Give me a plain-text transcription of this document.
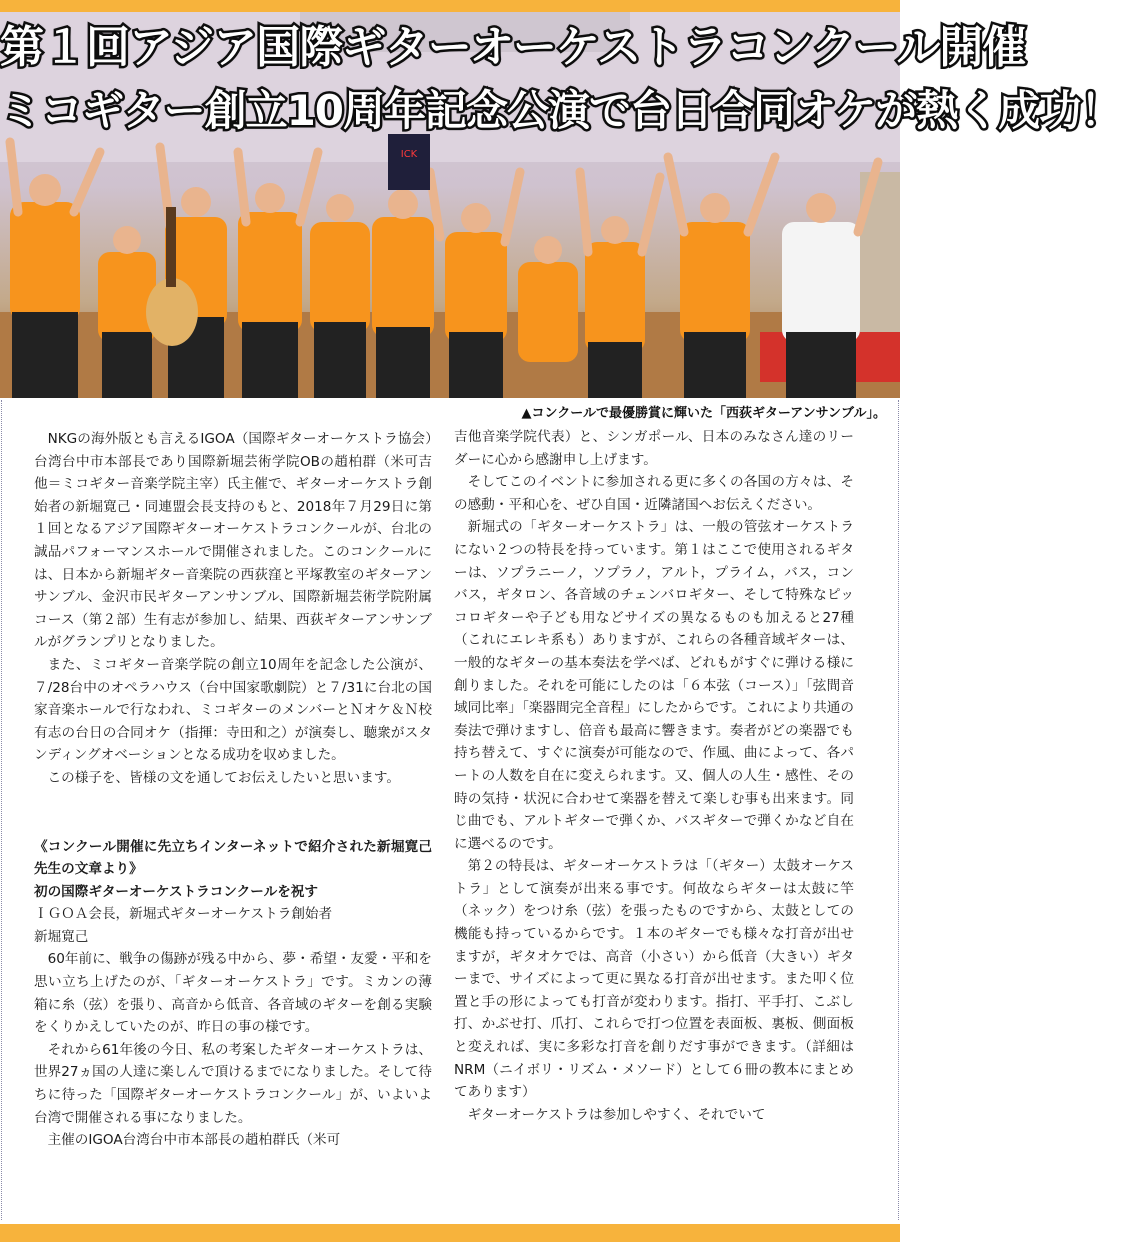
ICK
第１回アジア国際ギターオーケストラコンクール開催
ミコギター創立10周年記念公演で台日合同オケが熱く成功！
▲コンクールで最優勝賞に輝いた「西荻ギターアンサンブル」。

NKGの海外版とも言えるIGOA（国際ギターオーケストラ協会）台湾台中市本部長であり国際新堀芸術学院OBの趙柏群（米可吉他＝ミコギター音楽学院主宰）氏主催で、ギターオーケストラ創始者の新堀寛己・同連盟会長支持のもと、2018年７月29日に第１回となるアジア国際ギターオーケストラコンクールが、台北の誠品パフォーマンスホールで開催されました。このコンクールには、日本から新堀ギター音楽院の西荻窪と平塚教室のギターアンサンブル、金沢市民ギターアンサンブル、国際新堀芸術学院附属コース（第２部）生有志が参加し、結果、西荻ギターアンサンブルがグランプリとなりました。

また、ミコギター音楽学院の創立10周年を記念した公演が、７/28台中のオペラハウス（台中国家歌劇院）と７/31に台北の国家音楽ホールで行なわれ、ミコギターのメンバーとＮオケ＆Ｎ校有志の台日の合同オケ（指揮：寺田和之）が演奏し、聴衆がスタンディングオベーションとなる成功を収めました。

この様子を、皆様の文を通してお伝えしたいと思います。

《コンクール開催に先立ちインターネットで紹介された新堀寛己先生の文章より》

初の国際ギターオーケストラコンクールを祝す

ＩＧＯＡ会長，新堀式ギターオーケストラ創始者

新堀寛己

60年前に、戦争の傷跡が残る中から、夢・希望・友愛・平和を思い立ち上げたのが、「ギターオーケストラ」です。ミカンの薄箱に糸（弦）を張り、高音から低音、各音域のギターを創る実験をくりかえしていたのが、昨日の事の様です。

それから61年後の今日、私の考案したギターオーケストラは、世界27ヵ国の人達に楽しんで頂けるまでになりました。そして待ちに待った「国際ギターオーケストラコンクール」が、いよいよ台湾で開催される事になりました。

主催のIGOA台湾台中市本部長の趙柏群氏（米可

吉他音楽学院代表）と、シンガポール、日本のみなさん達のリーダーに心から感謝申し上げます。

そしてこのイベントに参加される更に多くの各国の方々は、その感動・平和心を、ぜひ自国・近隣諸国へお伝えください。

新堀式の「ギターオーケストラ」は、一般の管弦オーケストラにない２つの特長を持っています。第１はここで使用されるギターは、ソプラニーノ，ソプラノ，アルト，プライム，バス，コンバス，ギタロン、各音域のチェンバロギター、そして特殊なピッコロギターや子ども用などサイズの異なるものも加えると27種（これにエレキ系も）ありますが、これらの各種音域ギターは、一般的なギターの基本奏法を学べば、どれもがすぐに弾ける様に創りました。それを可能にしたのは「６本弦（コース）」「弦間音域同比率」「楽器間完全音程」にしたからです。これにより共通の奏法で弾けますし、倍音も最高に響きます。奏者がどの楽器でも持ち替えて、すぐに演奏が可能なので、作風、曲によって、各パートの人数を自在に変えられます。又、個人の人生・感性、その時の気持・状況に合わせて楽器を替えて楽しむ事も出来ます。同じ曲でも、アルトギターで弾くか、バスギターで弾くかなど自在に選べるのです。

第２の特長は、ギターオーケストラは「（ギター）太鼓オーケストラ」として演奏が出来る事です。何故ならギターは太鼓に竿（ネック）をつけ糸（弦）を張ったものですから、太鼓としての機能も持っているからです。１本のギターでも様々な打音が出せますが，ギタオケでは、高音（小さい）から低音（大きい）ギターまで、サイズによって更に異なる打音が出せます。また叩く位置と手の形によっても打音が変わります。指打、平手打、こぶし打、かぶせ打、爪打、これらで打つ位置を表面板、裏板、側面板と変えれば、実に多彩な打音を創りだす事ができます。（詳細はNRM（ニイボリ・リズム・メソード）として６冊の教本にまとめてあります）

ギターオーケストラは参加しやすく、それでいて
